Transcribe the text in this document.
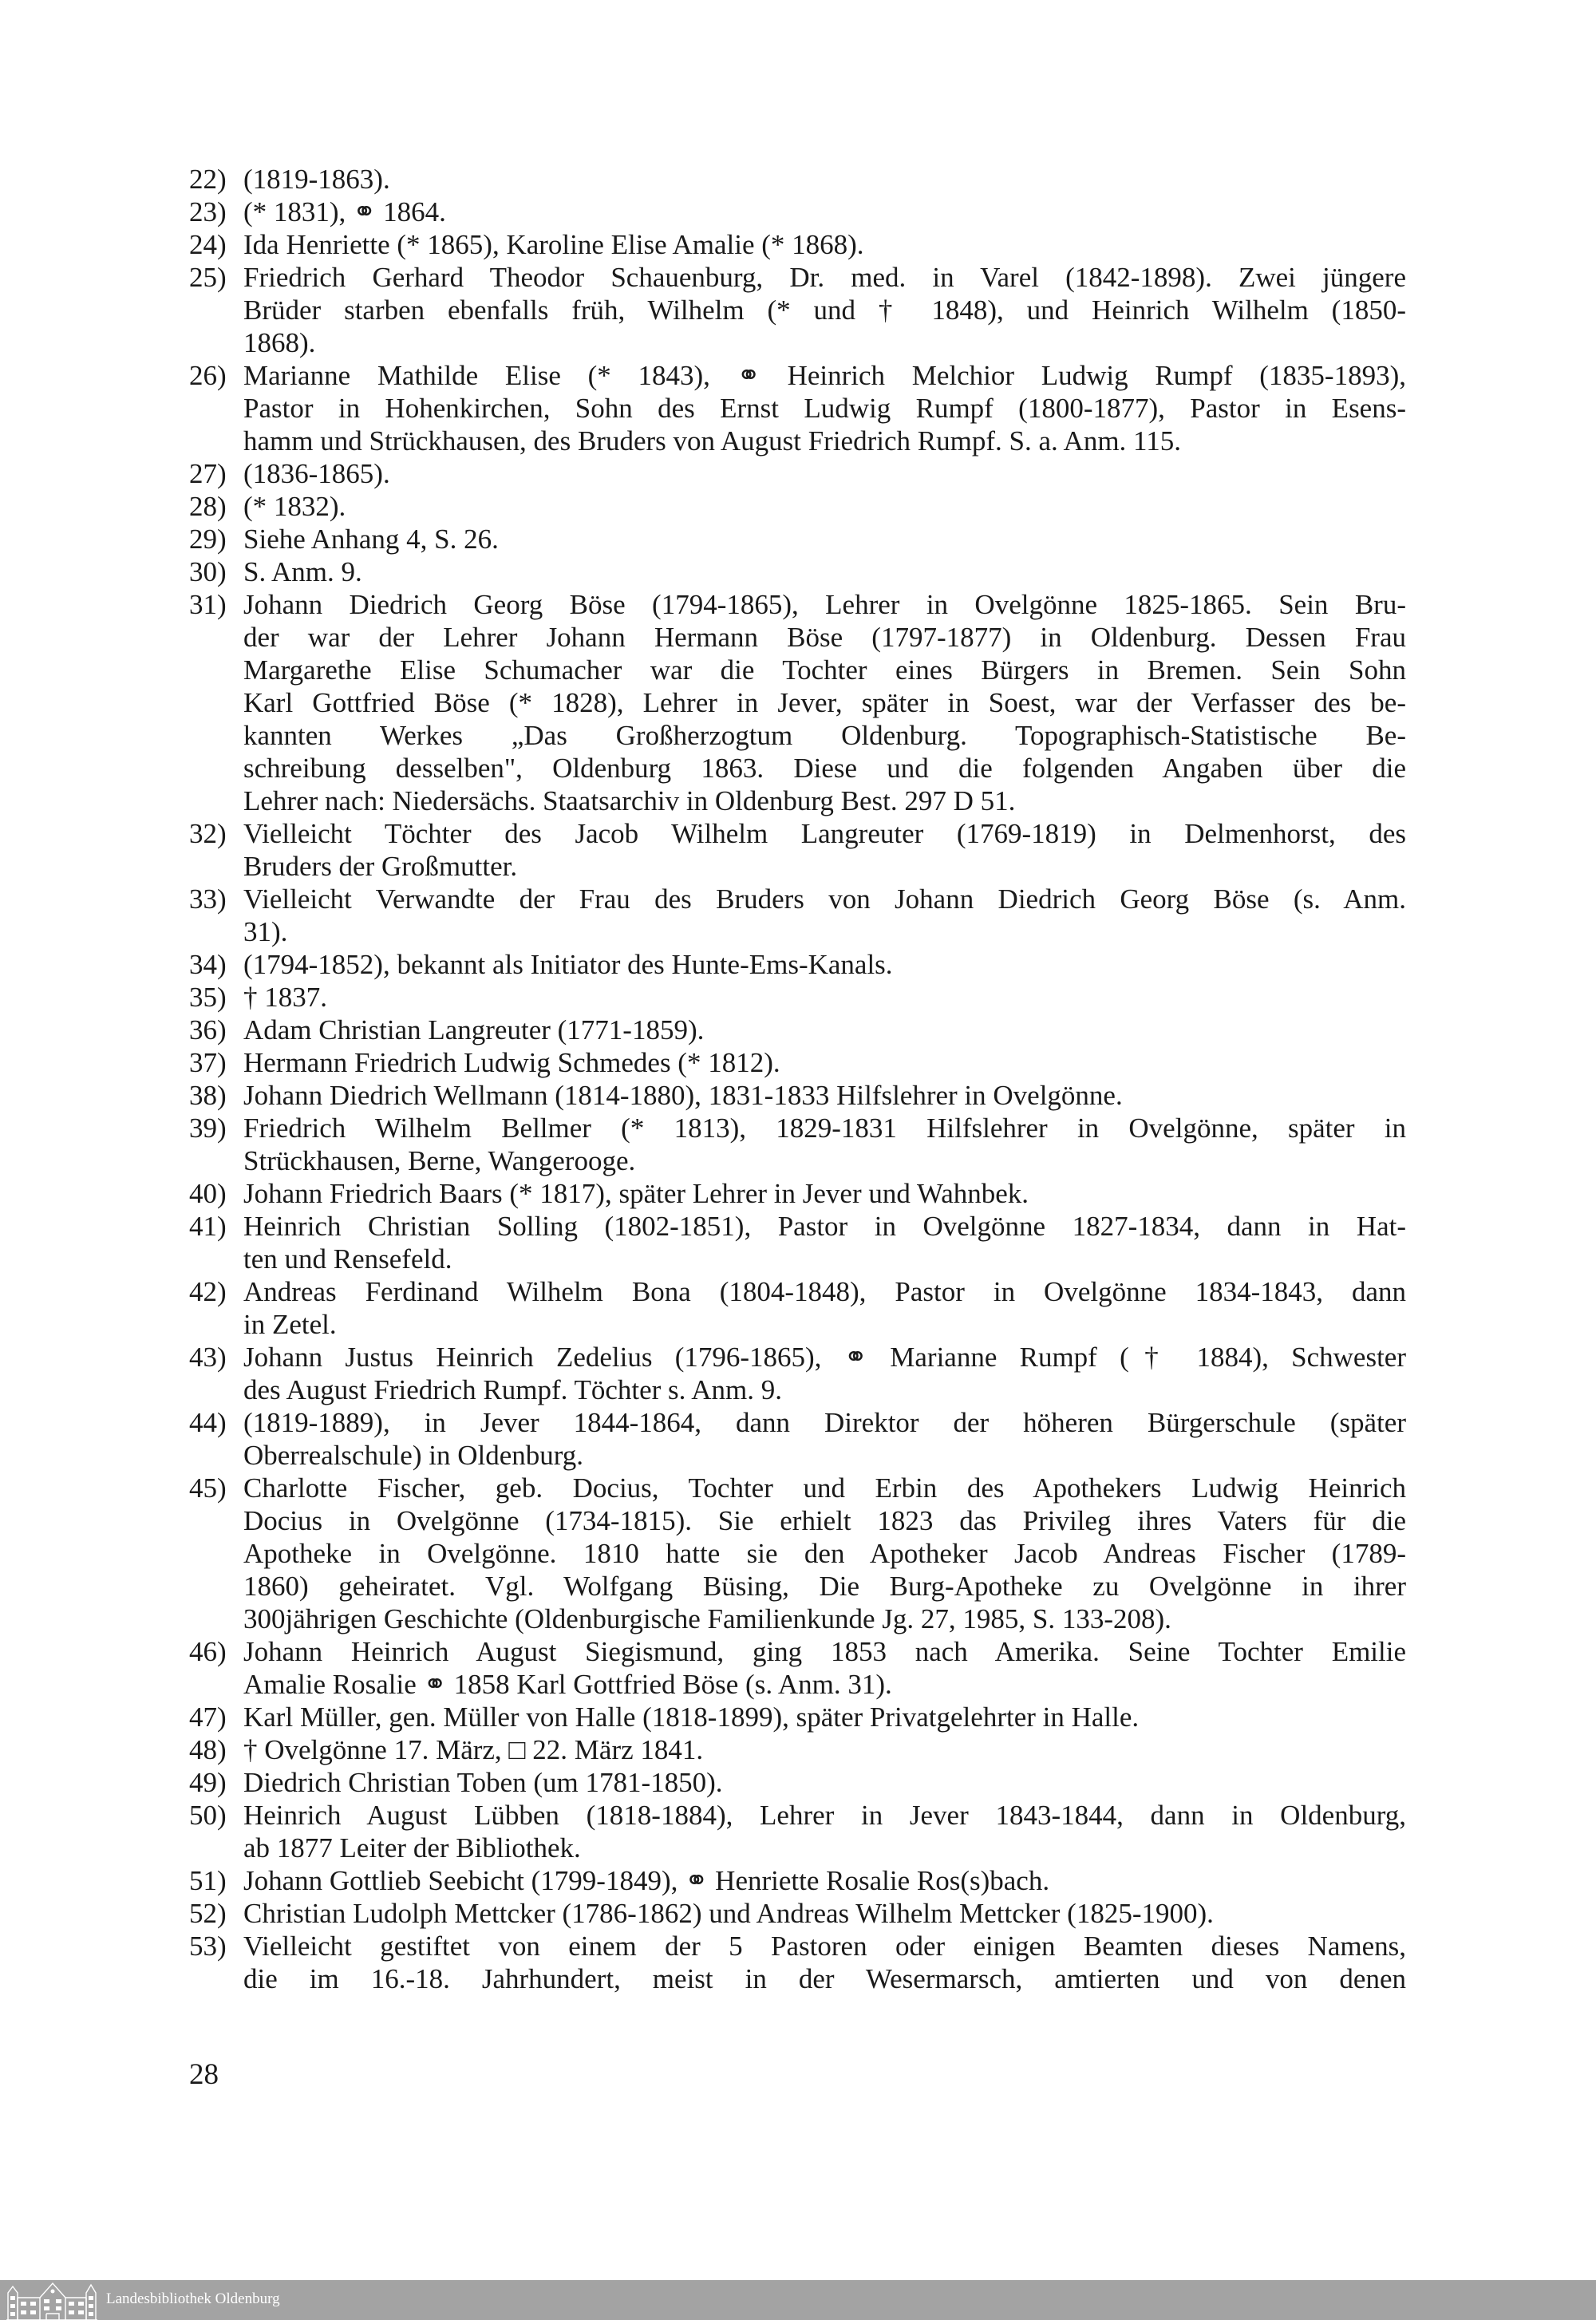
22) (1819-1863).
23) (* 1831), ⚭ 1864.
24) Ida Henriette (* 1865), Karoline Elise Amalie (* 1868).
25) Friedrich Gerhard Theodor Schauenburg, Dr. med. in Varel (1842-1898). Zwei jüngere
Brüder starben ebenfalls früh, Wilhelm (* und † 1848), und Heinrich Wilhelm (1850-
1868).
26) Marianne Mathilde Elise (* 1843), ⚭ Heinrich Melchior Ludwig Rumpf (1835-1893),
Pastor in Hohenkirchen, Sohn des Ernst Ludwig Rumpf (1800-1877), Pastor in Esens-
hamm und Strückhausen, des Bruders von August Friedrich Rumpf. S. a. Anm. 115.
27) (1836-1865).
28) (* 1832).
29) Siehe Anhang 4, S. 26.
30) S. Anm. 9.
31) Johann Diedrich Georg Böse (1794-1865), Lehrer in Ovelgönne 1825-1865. Sein Bru-
der war der Lehrer Johann Hermann Böse (1797-1877) in Oldenburg. Dessen Frau
Margarethe Elise Schumacher war die Tochter eines Bürgers in Bremen. Sein Sohn
Karl Gottfried Böse (* 1828), Lehrer in Jever, später in Soest, war der Verfasser des be-
kannten Werkes „Das Großherzogtum Oldenburg. Topographisch-Statistische Be-
schreibung desselben", Oldenburg 1863. Diese und die folgenden Angaben über die
Lehrer nach: Niedersächs. Staatsarchiv in Oldenburg Best. 297 D 51.
32) Vielleicht Töchter des Jacob Wilhelm Langreuter (1769-1819) in Delmenhorst, des
Bruders der Großmutter.
33) Vielleicht Verwandte der Frau des Bruders von Johann Diedrich Georg Böse (s. Anm.
31).
34) (1794-1852), bekannt als Initiator des Hunte-Ems-Kanals.
35) † 1837.
36) Adam Christian Langreuter (1771-1859).
37) Hermann Friedrich Ludwig Schmedes (* 1812).
38) Johann Diedrich Wellmann (1814-1880), 1831-1833 Hilfslehrer in Ovelgönne.
39) Friedrich Wilhelm Bellmer (* 1813), 1829-1831 Hilfslehrer in Ovelgönne, später in
Strückhausen, Berne, Wangerooge.
40) Johann Friedrich Baars (* 1817), später Lehrer in Jever und Wahnbek.
41) Heinrich Christian Solling (1802-1851), Pastor in Ovelgönne 1827-1834, dann in Hat-
ten und Rensefeld.
42) Andreas Ferdinand Wilhelm Bona (1804-1848), Pastor in Ovelgönne 1834-1843, dann
in Zetel.
43) Johann Justus Heinrich Zedelius (1796-1865), ⚭ Marianne Rumpf († 1884), Schwester
des August Friedrich Rumpf. Töchter s. Anm. 9.
44) (1819-1889), in Jever 1844-1864, dann Direktor der höheren Bürgerschule (später
Oberrealschule) in Oldenburg.
45) Charlotte Fischer, geb. Docius, Tochter und Erbin des Apothekers Ludwig Heinrich
Docius in Ovelgönne (1734-1815). Sie erhielt 1823 das Privileg ihres Vaters für die
Apotheke in Ovelgönne. 1810 hatte sie den Apotheker Jacob Andreas Fischer (1789-
1860) geheiratet. Vgl. Wolfgang Büsing, Die Burg-Apotheke zu Ovelgönne in ihrer
300jährigen Geschichte (Oldenburgische Familienkunde Jg. 27, 1985, S. 133-208).
46) Johann Heinrich August Siegismund, ging 1853 nach Amerika. Seine Tochter Emilie
Amalie Rosalie ⚭ 1858 Karl Gottfried Böse (s. Anm. 31).
47) Karl Müller, gen. Müller von Halle (1818-1899), später Privatgelehrter in Halle.
48) † Ovelgönne 17. März, □ 22. März 1841.
49) Diedrich Christian Toben (um 1781-1850).
50) Heinrich August Lübben (1818-1884), Lehrer in Jever 1843-1844, dann in Oldenburg,
ab 1877 Leiter der Bibliothek.
51) Johann Gottlieb Seebicht (1799-1849), ⚭ Henriette Rosalie Ros(s)bach.
52) Christian Ludolph Mettcker (1786-1862) und Andreas Wilhelm Mettcker (1825-1900).
53) Vielleicht gestiftet von einem der 5 Pastoren oder einigen Beamten dieses Namens,
die im 16.-18. Jahrhundert, meist in der Wesermarsch, amtierten und von denen
28
Landesbibliothek Oldenburg
